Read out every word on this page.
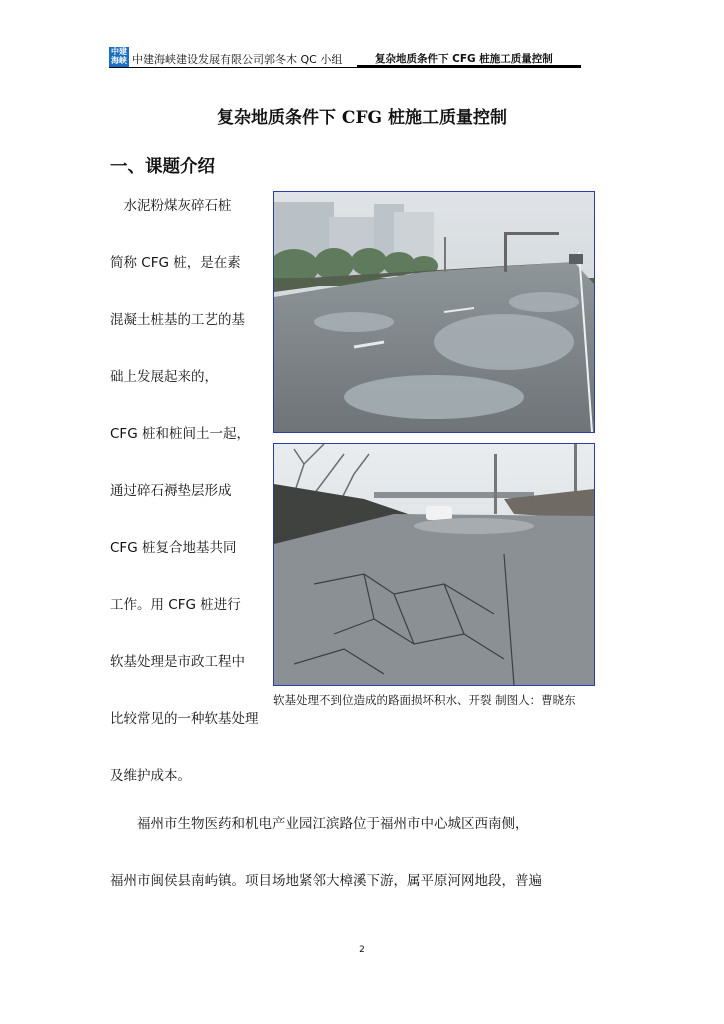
中建
海峡 中建海峡建设发展有限公司郭冬木 QC 小组	复杂地质条件下 CFG 桩施工质量控制
复杂地质条件下 CFG 桩施工质量控制
一、课题介绍
　水泥粉煤灰碎石桩
简称 CFG 桩，是在素
混凝土桩基的工艺的基
础上发展起来的，
CFG 桩和桩间土一起，
通过碎石褥垫层形成
CFG 桩复合地基共同
工作。用 CFG 桩进行
软基处理是市政工程中
比较常见的一种软基处理
及维护成本。
软基处理不到位造成的路面损坏积水、开裂 制图人：曹晓东
　　福州市生物医药和机电产业园江滨路位于福州市中心城区西南侧，
福州市闽侯县南屿镇。项目场地紧邻大樟溪下游，属平原河网地段，普遍
2
